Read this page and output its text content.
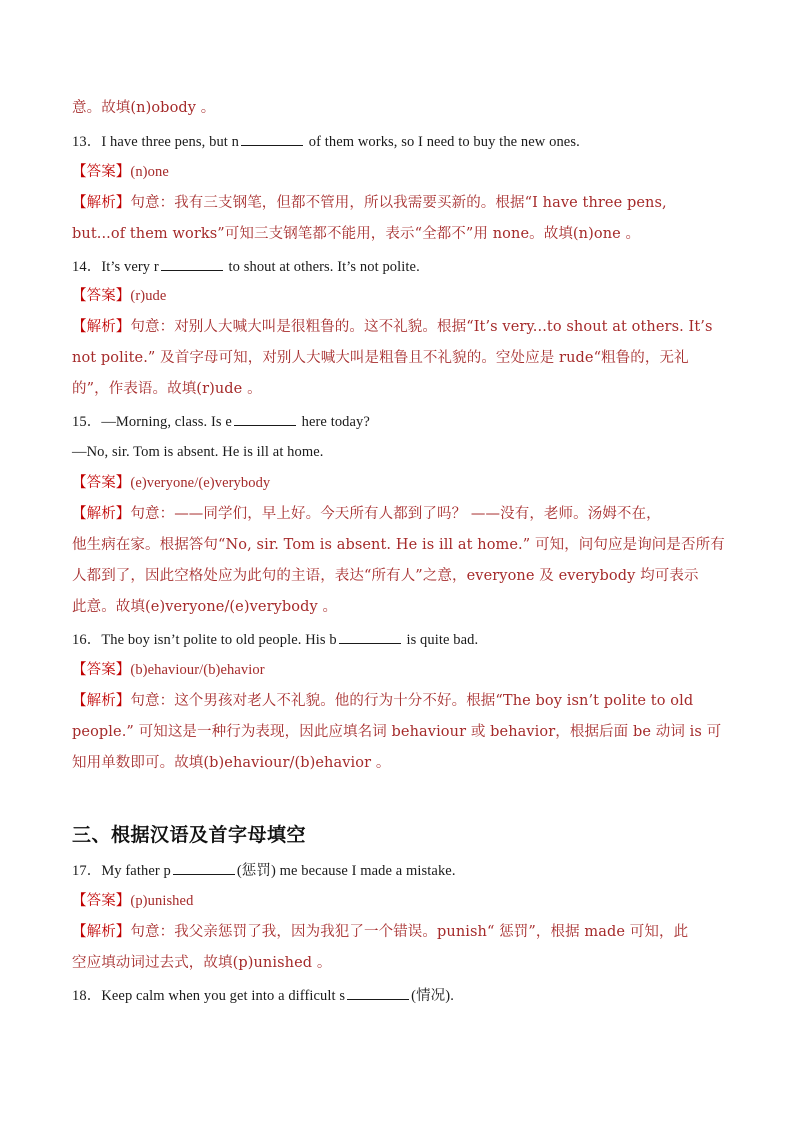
意。故填(n)obody 。
13．I have three pens, but n	of them works, so I need to buy the new ones.
【答案】(n)one
【解析】句意：我有三支钢笔，但都不管用，所以我需要买新的。根据“I have three pens,
but...of them works”可知三支钢笔都不能用，表示“全都不”用 none。故填(n)one 。
14．It’s very r	to shout at others. It’s not polite.
【答案】(r)ude
【解析】句意：对别人大喊大叫是很粗鲁的。这不礼貌。根据“It’s very...to shout at others. It’s
not polite.” 及首字母可知，对别人大喊大叫是粗鲁且不礼貌的。空处应是 rude“粗鲁的，无礼
的”，作表语。故填(r)ude 。
15．—Morning, class. Is e	here today?
—No, sir. Tom is absent. He is ill at home.
【答案】(e)veryone/(e)verybody
【解析】句意：——同学们，早上好。今天所有人都到了吗？ ——没有，老师。汤姆不在，
他生病在家。根据答句“No, sir. Tom is absent. He is ill at home.” 可知，问句应是询问是否所有
人都到了，因此空格处应为此句的主语，表达“所有人”之意，everyone 及 everybody 均可表示
此意。故填(e)veryone/(e)verybody 。
16．The boy isn’t polite to old people. His b	is quite bad.
【答案】(b)ehaviour/(b)ehavior
【解析】句意：这个男孩对老人不礼貌。他的行为十分不好。根据“The boy isn’t polite to old
people.” 可知这是一种行为表现，因此应填名词 behaviour 或 behavior，根据后面 be 动词 is 可
知用单数即可。故填(b)ehaviour/(b)ehavior 。
三、根据汉语及首字母填空
17．My father p	(惩罚) me because I made a mistake.
【答案】(p)unished
【解析】句意：我父亲惩罚了我，因为我犯了一个错误。punish“ 惩罚”，根据 made 可知，此
空应填动词过去式，故填(p)unished 。
18．Keep calm when you get into a difficult s	(情况).
